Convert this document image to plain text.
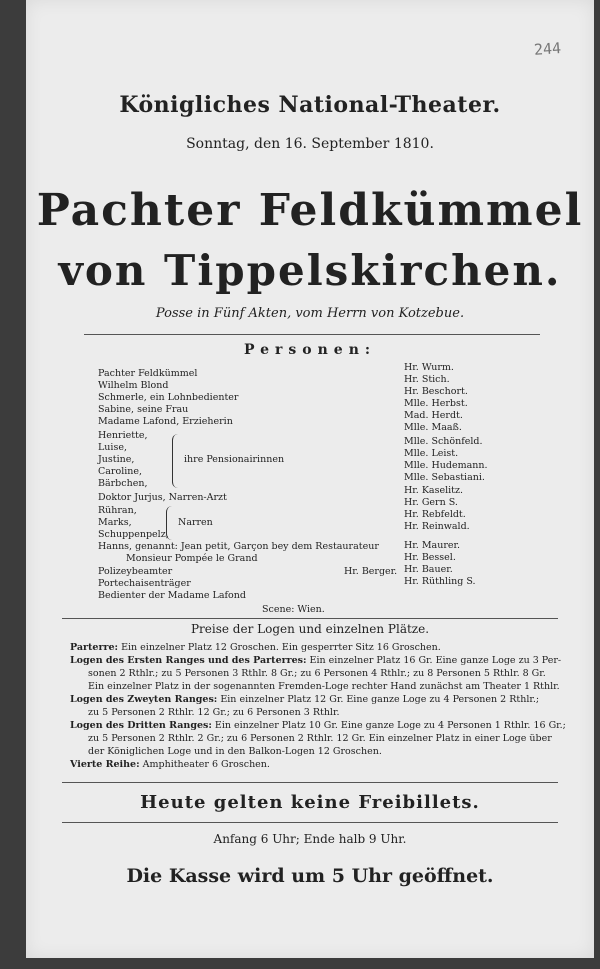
244
Königliches National-Theater.
Sonntag, den 16. September 1810.
Pachter Feldkümmel
von Tippelskirchen.
Posse in Fünf Akten, vom Herrn von Kotzebue.
Personen:
Pachter Feldkümmel
Wilhelm Blond
Schmerle, ein Lohnbedienter
Sabine, seine Frau
Madame Lafond, Erzieherin
Henriette,
Luise,
Justine,
Caroline,
Bärbchen,
ihre Pensionairinnen
Doktor Jurjus, Narren-Arzt
Rühran,
Marks,
Schuppenpelz,
Narren
Hanns, genannt: Jean petit, Garçon bey dem Restaurateur
Monsieur Pompée le Grand
Polizeybeamter
Portechaisenträger
Bedienter der Madame Lafond
Hr. Berger.
Scene: Wien.
Hr. Wurm.
Hr. Stich.
Hr. Beschort.
Mlle. Herbst.
Mad. Herdt.
Mlle. Maaß.
Mlle. Schönfeld.
Mlle. Leist.
Mlle. Hudemann.
Mlle. Sebastiani.
Hr. Kaselitz.
Hr. Gern S.
Hr. Rebfeldt.
Hr. Reinwald.
Hr. Maurer.
Hr. Bessel.
Hr. Bauer.
Hr. Rüthling S.
Preise der Logen und einzelnen Plätze.
Parterre: Ein einzelner Platz 12 Groschen. Ein gesperrter Sitz 16 Groschen.
Logen des Ersten Ranges und des Parterres: Ein einzelner Platz 16 Gr. Eine ganze Loge zu 3 Per-
sonen 2 Rthlr.; zu 5 Personen 3 Rthlr. 8 Gr.; zu 6 Personen 4 Rthlr.; zu 8 Personen 5 Rthlr. 8 Gr.
Ein einzelner Platz in der sogenannten Fremden-Loge rechter Hand zunächst am Theater 1 Rthlr.
Logen des Zweyten Ranges: Ein einzelner Platz 12 Gr. Eine ganze Loge zu 4 Personen 2 Rthlr.;
zu 5 Personen 2 Rthlr. 12 Gr.; zu 6 Personen 3 Rthlr.
Logen des Dritten Ranges: Ein einzelner Platz 10 Gr. Eine ganze Loge zu 4 Personen 1 Rthlr. 16 Gr.;
zu 5 Personen 2 Rthlr. 2 Gr.; zu 6 Personen 2 Rthlr. 12 Gr. Ein einzelner Platz in einer Loge über
der Königlichen Loge und in den Balkon-Logen 12 Groschen.
Vierte Reihe: Amphitheater 6 Groschen.
Heute gelten keine Freibillets.
Anfang 6 Uhr; Ende halb 9 Uhr.
Die Kasse wird um 5 Uhr geöffnet.
